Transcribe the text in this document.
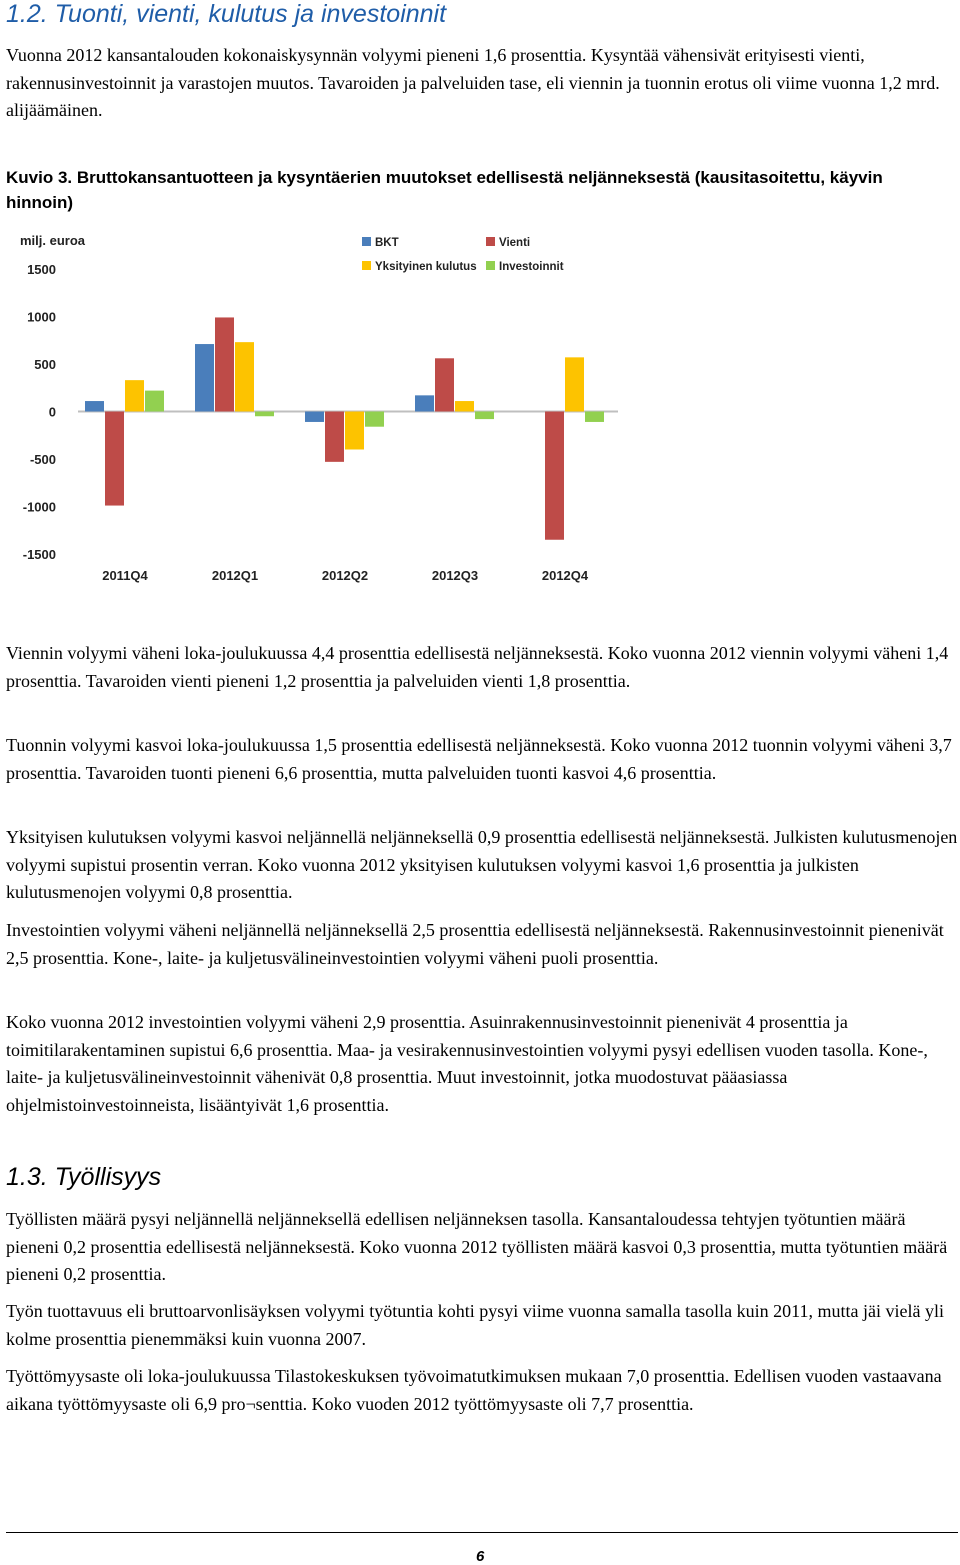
1.2. Tuonti, vienti, kulutus ja investoinnit

Vuonna 2012 kansantalouden kokonaiskysynnän volyymi pieneni 1,6 prosenttia. Kysyntää vähensivät erityisesti vienti, rakennusinvestoinnit ja varastojen muutos. Tavaroiden ja palveluiden tase, eli viennin ja tuonnin erotus oli viime vuonna 1,2 mrd. alijäämäinen.

Kuvio 3. Bruttokansantuotteen ja kysyntäerien muutokset edellisestä neljänneksestä (kausitasoitettu, käyvin hinnoin)

milj. euroa
1500
1000
500
0
-500
-1000
-1500
2011Q4	2012Q1	2012Q2	2012Q3	2012Q4
BKT	Vienti
Yksityinen kulutus Investoinnit

Viennin volyymi väheni loka-joulukuussa 4,4 prosenttia edellisestä neljänneksestä. Koko vuonna 2012 viennin volyymi väheni 1,4 prosenttia. Tavaroiden vienti pieneni 1,2 prosenttia ja palveluiden vienti 1,8 prosenttia.

Tuonnin volyymi kasvoi loka-joulukuussa 1,5 prosenttia edellisestä neljänneksestä. Koko vuonna 2012 tuonnin volyymi väheni 3,7 prosenttia. Tavaroiden tuonti pieneni 6,6 prosenttia, mutta palveluiden tuonti kasvoi 4,6 prosenttia.

Yksityisen kulutuksen volyymi kasvoi neljännellä neljänneksellä 0,9 prosenttia edellisestä neljänneksestä. Julkisten kulutusmenojen volyymi supistui prosentin verran. Koko vuonna 2012 yksityisen kulutuksen volyymi kasvoi 1,6 prosenttia ja julkisten kulutusmenojen volyymi 0,8 prosenttia.

Investointien volyymi väheni neljännellä neljänneksellä 2,5 prosenttia edellisestä neljänneksestä. Rakennusinvestoinnit pienenivät 2,5 prosenttia. Kone-, laite- ja kuljetusvälineinvestointien volyymi väheni puoli prosenttia.

Koko vuonna 2012 investointien volyymi väheni 2,9 prosenttia. Asuinrakennusinvestoinnit pienenivät 4 prosenttia ja toimitilarakentaminen supistui 6,6 prosenttia. Maa- ja vesirakennusinvestointien volyymi pysyi edellisen vuoden tasolla. Kone-, laite- ja kuljetusvälineinvestoinnit vähenivät 0,8 prosenttia. Muut investoinnit, jotka muodostuvat pääasiassa ohjelmistoinvestoinneista, lisääntyivät 1,6 prosenttia.

1.3. Työllisyys

Työllisten määrä pysyi neljännellä neljänneksellä edellisen neljänneksen tasolla. Kansantaloudessa tehtyjen työtuntien määrä pieneni 0,2 prosenttia edellisestä neljänneksestä. Koko vuonna 2012 työllisten määrä kasvoi 0,3 prosenttia, mutta työtuntien määrä pieneni 0,2 prosenttia.

Työn tuottavuus eli bruttoarvonlisäyksen volyymi työtuntia kohti pysyi viime vuonna samalla tasolla kuin 2011, mutta jäi vielä yli kolme prosenttia pienemmäksi kuin vuonna 2007.

Työttömyysaste oli loka-joulukuussa Tilastokeskuksen työvoimatutkimuksen mukaan 7,0 prosenttia. Edellisen vuoden vastaavana aikana työttömyysaste oli 6,9 pro¬senttia. Koko vuoden 2012 työttömyysaste oli 7,7 prosenttia.

6
